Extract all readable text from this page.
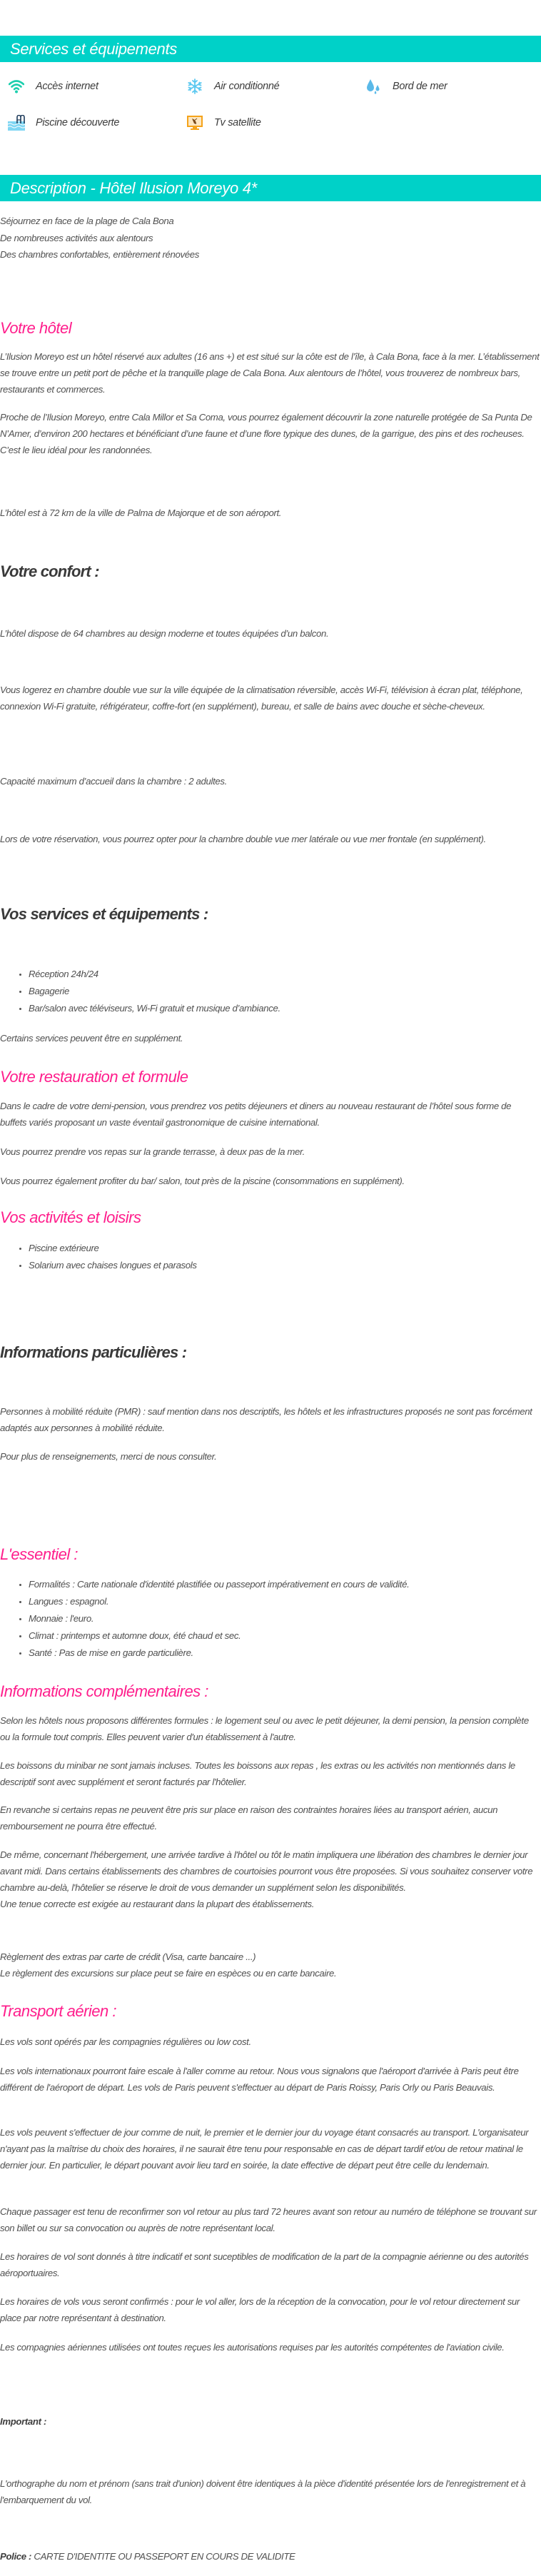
Services et équipements
Accès internet	Air conditionné	Bord de mer
Piscine découverte	Tv satellite
Description - Hôtel Ilusion Moreyo 4*
Séjournez en face de la plage de Cala Bona
De nombreuses activités aux alentours
Des chambres confortables, entièrement rénovées
Votre hôtel

L’Ilusion Moreyo est un hôtel réservé aux adultes (16 ans +) et est situé sur la côte est de l’île, à Cala Bona, face à la mer. L’établissement se trouve entre un petit port de pêche et la tranquille plage de Cala Bona. Aux alentours de l’hôtel, vous trouverez de nombreux bars, restaurants et commerces.

Proche de l’Ilusion Moreyo, entre Cala Millor et Sa Coma, vous pourrez également découvrir la zone naturelle protégée de Sa Punta De N’Amer, d’environ 200 hectares et bénéficiant d’une faune et d’une flore typique des dunes, de la garrigue, des pins et des rocheuses. C’est le lieu idéal pour les randonnées.

L’hôtel est à 72 km de la ville de Palma de Majorque et de son aéroport.

Votre confort :

L’hôtel dispose de 64 chambres au design moderne et toutes équipées d’un balcon.

Vous logerez en chambre double vue sur la ville équipée de la climatisation réversible, accès Wi-Fi, télévision à écran plat, téléphone, connexion Wi-Fi gratuite, réfrigérateur, coffre-fort (en supplément), bureau, et salle de bains avec douche et sèche-cheveux.

Capacité maximum d’accueil dans la chambre : 2 adultes.

Lors de votre réservation, vous pourrez opter pour la chambre double vue mer latérale ou vue mer frontale (en supplément).

Vos services et équipements :
• Réception 24h/24
• Bagagerie
• Bar/salon avec téléviseurs, Wi-Fi gratuit et musique d’ambiance.

Certains services peuvent être en supplément.

Votre restauration et formule

Dans le cadre de votre demi-pension, vous prendrez vos petits déjeuners et diners au nouveau restaurant de l’hôtel sous forme de buffets variés proposant un vaste éventail gastronomique de cuisine international.

Vous pourrez prendre vos repas sur la grande terrasse, à deux pas de la mer.

Vous pourrez également profiter du bar/ salon, tout près de la piscine (consommations en supplément).

Vos activités et loisirs
• Piscine extérieure
• Solarium avec chaises longues et parasols
Informations particulières :

Personnes à mobilité réduite (PMR) : sauf mention dans nos descriptifs, les hôtels et les infrastructures proposés ne sont pas forcément adaptés aux personnes à mobilité réduite.

Pour plus de renseignements, merci de nous consulter.

L'essentiel :
• Formalités : Carte nationale d'identité plastifiée ou passeport impérativement en cours de validité.
• Langues : espagnol.
• Monnaie : l'euro.
• Climat : printemps et automne doux, été chaud et sec.
• Santé : Pas de mise en garde particulière.
Informations complémentaires :

Selon les hôtels nous proposons différentes formules : le logement seul ou avec le petit déjeuner, la demi pension, la pension complète ou la formule tout compris. Elles peuvent varier d'un établissement à l'autre.

Les boissons du minibar ne sont jamais incluses. Toutes les boissons aux repas , les extras ou les activités non mentionnés dans le descriptif sont avec supplément et seront facturés par l'hôtelier.

En revanche si certains repas ne peuvent être pris sur place en raison des contraintes horaires liées au transport aérien, aucun remboursement ne pourra être effectué.

De même, concernant l'hébergement, une arrivée tardive à l'hôtel ou tôt le matin impliquera une libération des chambres le dernier jour avant midi. Dans certains établissements des chambres de courtoisies pourront vous être proposées. Si vous souhaitez conserver votre chambre au-delà, l'hôtelier se réserve le droit de vous demander un supplément selon les disponibilités.
Une tenue correcte est exigée au restaurant dans la plupart des établissements.
Règlement des extras par carte de crédit (Visa, carte bancaire ...)
Le règlement des excursions sur place peut se faire en espèces ou en carte bancaire.
Transport aérien :

Les vols sont opérés par les compagnies régulières ou low cost.

Les vols internationaux pourront faire escale à l'aller comme au retour. Nous vous signalons que l'aéroport d'arrivée à Paris peut être différent de l'aéroport de départ. Les vols de Paris peuvent s'effectuer au départ de Paris Roissy, Paris Orly ou Paris Beauvais.

Les vols peuvent s'effectuer de jour comme de nuit, le premier et le dernier jour du voyage étant consacrés au transport. L'organisateur n'ayant pas la maîtrise du choix des horaires, il ne saurait être tenu pour responsable en cas de départ tardif et/ou de retour matinal le dernier jour. En particulier, le départ pouvant avoir lieu tard en soirée, la date effective de départ peut être celle du lendemain.

Chaque passager est tenu de reconfirmer son vol retour au plus tard 72 heures avant son retour au numéro de téléphone se trouvant sur son billet ou sur sa convocation ou auprès de notre représentant local.

Les horaires de vol sont donnés à titre indicatif et sont suceptibles de modification de la part de la compagnie aérienne ou des autorités aéroportuaires.

Les horaires de vols vous seront confirmés : pour le vol aller, lors de la réception de la convocation, pour le vol retour directement sur place par notre représentant à destination.

Les compagnies aériennes utilisées ont toutes reçues les autorisations requises par les autorités compétentes de l'aviation civile.

Important :

L'orthographe du nom et prénom (sans trait d'union) doivent être identiques à la pièce d'identité présentée lors de l'enregistrement et à l'embarquement du vol.

Police : CARTE D'IDENTITE OU PASSEPORT EN COURS DE VALIDITE
